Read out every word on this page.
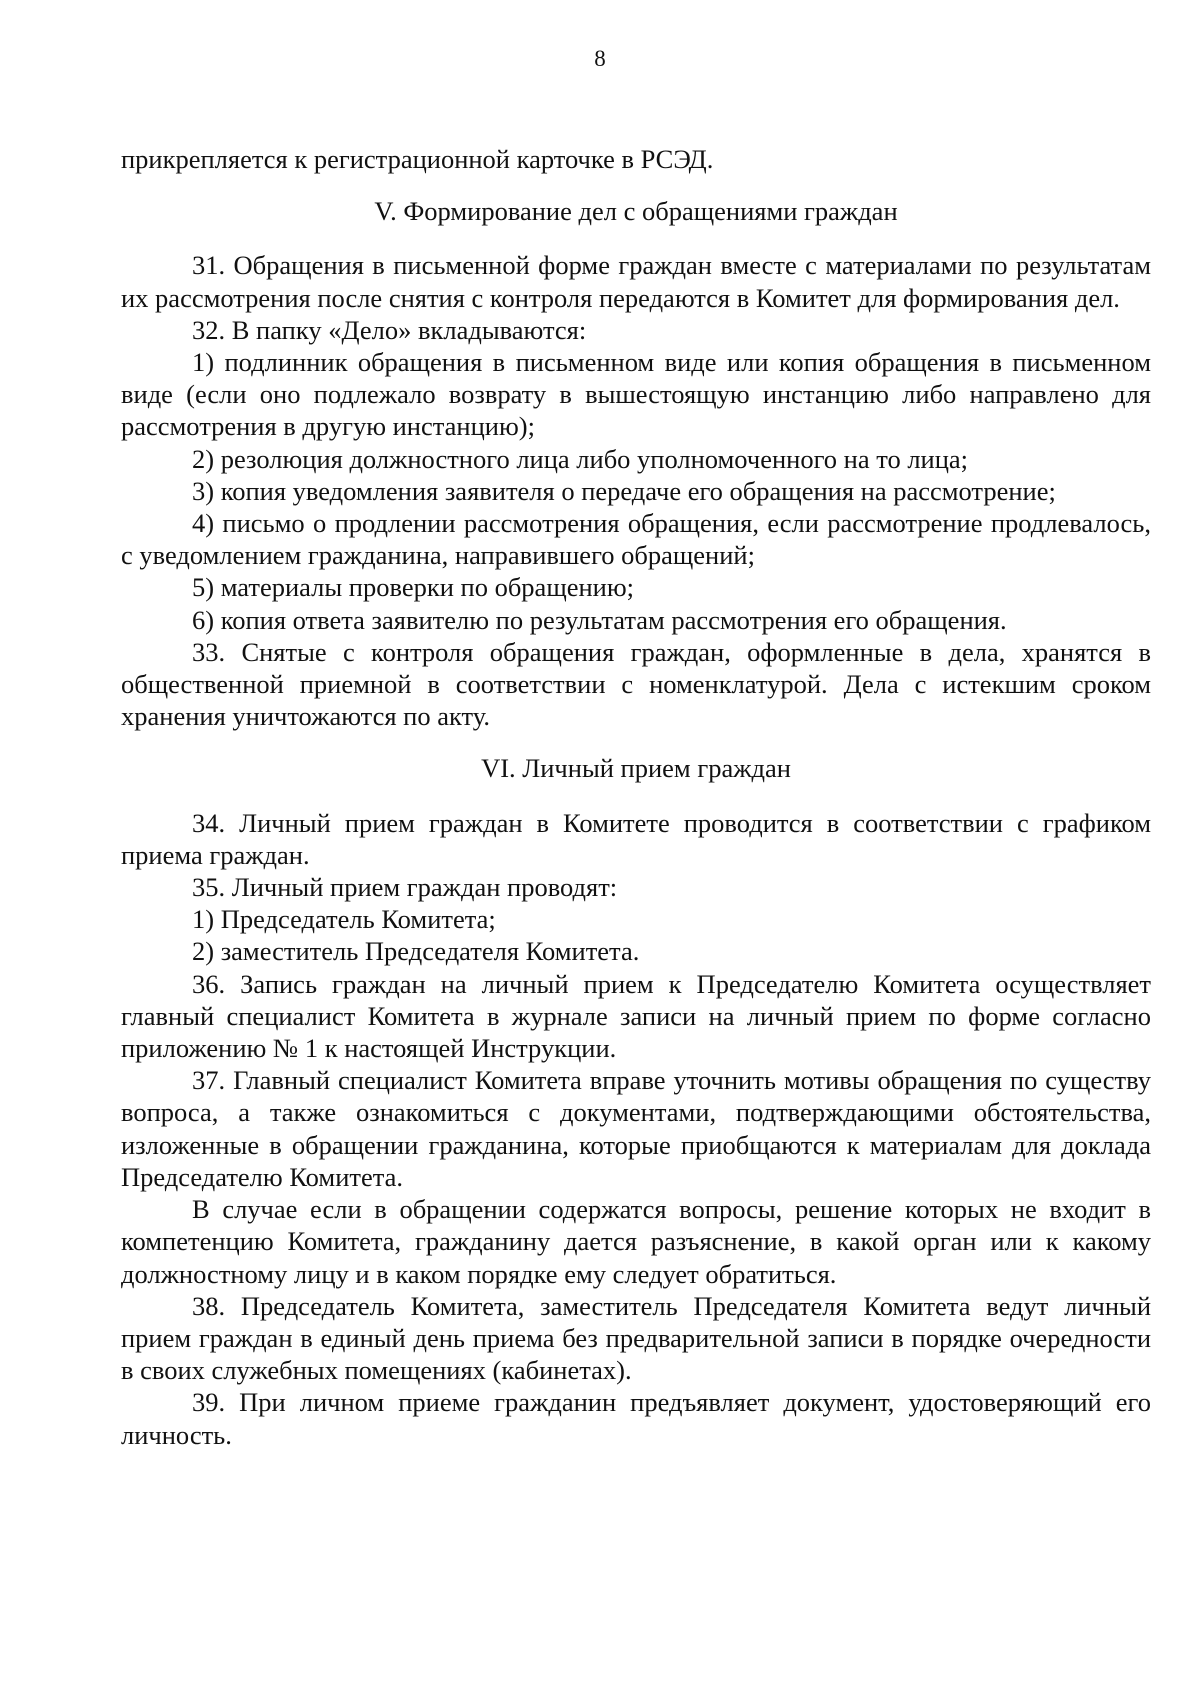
8

прикрепляется к регистрационной карточке в РСЭД.

V. Формирование дел с обращениями граждан

31. Обращения в письменной форме граждан вместе с материалами по результатам их рассмотрения после снятия с контроля передаются в Комитет для формирования дел.

32. В папку «Дело» вкладываются:

1) подлинник обращения в письменном виде или копия обращения в письменном виде (если оно подлежало возврату в вышестоящую инстанцию либо направлено для рассмотрения в другую инстанцию);

2) резолюция должностного лица либо уполномоченного на то лица;

3) копия уведомления заявителя о передаче его обращения на рассмотрение;

4) письмо о продлении рассмотрения обращения, если рассмотрение продлевалось, с уведомлением гражданина, направившего обращений;

5) материалы проверки по обращению;

6) копия ответа заявителю по результатам рассмотрения его обращения.

33. Снятые с контроля обращения граждан, оформленные в дела, хранятся в общественной приемной в соответствии с номенклатурой. Дела с истекшим сроком хранения уничтожаются по акту.

VI. Личный прием граждан

34. Личный прием граждан в Комитете проводится в соответствии с графиком приема граждан.

35. Личный прием граждан проводят:

1) Председатель Комитета;

2) заместитель Председателя Комитета.

36. Запись граждан на личный прием к Председателю Комитета осуществляет главный специалист Комитета в журнале записи на личный прием по форме согласно приложению № 1 к настоящей Инструкции.

37. Главный специалист Комитета вправе уточнить мотивы обращения по существу вопроса, а также ознакомиться с документами, подтверждающими обстоятельства, изложенные в обращении гражданина, которые приобщаются к материалам для доклада Председателю Комитета.

В случае если в обращении содержатся вопросы, решение которых не входит в компетенцию Комитета, гражданину дается разъяснение, в какой орган или к какому должностному лицу и в каком порядке ему следует обратиться.

38. Председатель Комитета, заместитель Председателя Комитета ведут личный прием граждан в единый день приема без предварительной записи в порядке очередности в своих служебных помещениях (кабинетах).

39. При личном приеме гражданин предъявляет документ, удостоверяющий его личность.
